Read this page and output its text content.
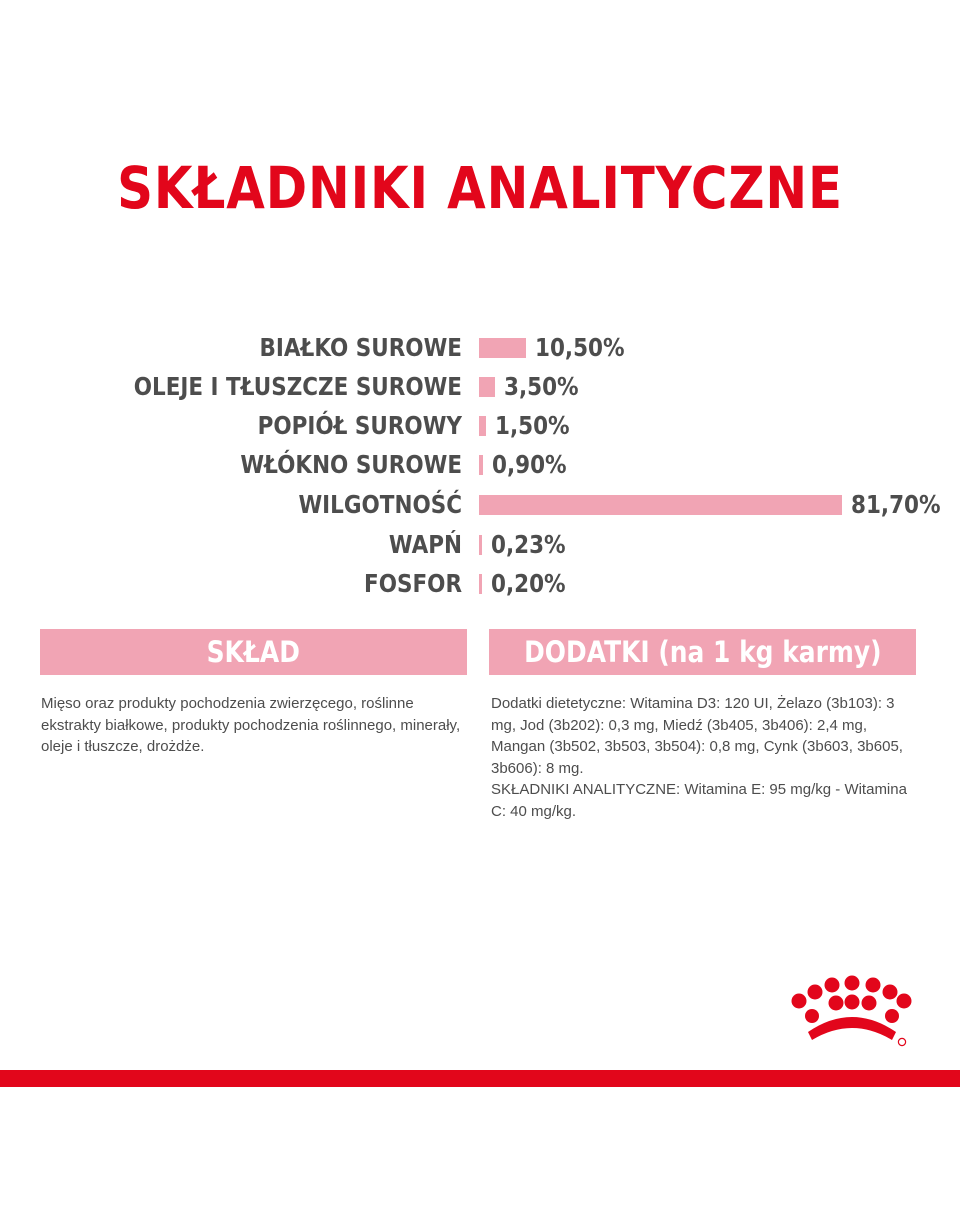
SKŁADNIKI ANALITYCZNE
BIAŁKO SUROWE	10,50%
OLEJE I TŁUSZCZE SUROWE 3,50%
POPIÓŁ SUROWY 1,50%
WŁÓKNO SUROWE 0,90%
WILGOTNOŚĆ	81,70%
WAPŃ 0,23%
FOSFOR 0,20%
SKŁAD	DODATKI (na 1 kg karmy)
Mięso oraz produkty pochodzenia zwierzęcego, roślinne ekstrakty białkowe, produkty pochodzenia roślinnego, minerały, oleje i tłuszcze, drożdże.
Dodatki dietetyczne: Witamina D3: 120 UI, Żelazo (3b103): 3 mg, Jod (3b202): 0,3 mg, Miedź (3b405, 3b406): 2,4 mg, Mangan (3b502, 3b503, 3b504): 0,8 mg, Cynk (3b603, 3b605, 3b606): 8 mg.
SKŁADNIKI ANALITYCZNE: Witamina E: 95 mg/kg - Witamina C: 40 mg/kg.
